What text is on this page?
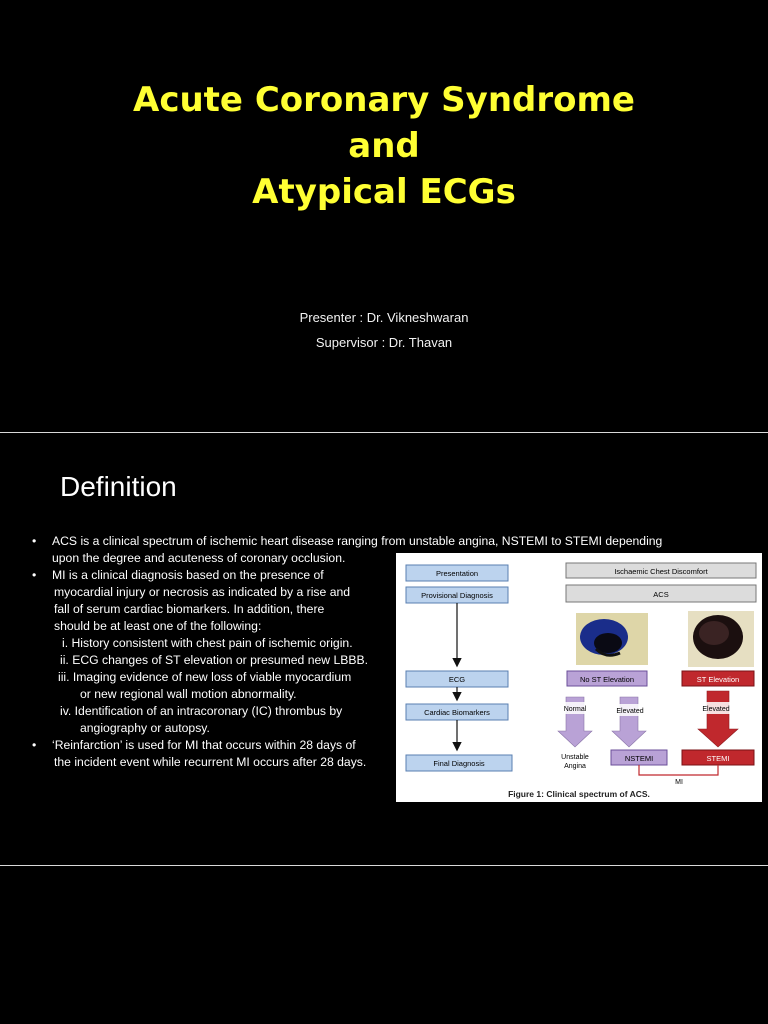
Acute Coronary Syndrome
and
Atypical ECGs
Presenter : Dr. Vikneshwaran
Supervisor : Dr. Thavan
Definition
• ACS is a clinical spectrum of ischemic heart disease ranging from unstable angina, NSTEMI to STEMI depending
upon the degree and acuteness of coronary occlusion.
• MI is a clinical diagnosis based on the presence of
myocardial injury or necrosis as indicated by a rise and
fall of serum cardiac biomarkers. In addition, there
should be at least one of the following:
i. History consistent with chest pain of ischemic origin.
ii. ECG changes of ST elevation or presumed new LBBB.
iii. Imaging evidence of new loss of viable myocardium
or new regional wall motion abnormality.
iv. Identification of an intracoronary (IC) thrombus by
angiography or autopsy.
• ‘Reinfarction’ is used for MI that occurs within 28 days of
the incident event while recurrent MI occurs after 28 days.
Presentation
Provisional Diagnosis
ECG
Cardiac Biomarkers
Final Diagnosis
Ischaemic Chest Discomfort
ACS
No ST Elevation	ST Elevation
Normal	Elevated	Elevated
Unstable
Angina
NSTEMI	STEMI
MI
Figure 1: Clinical spectrum of ACS.
